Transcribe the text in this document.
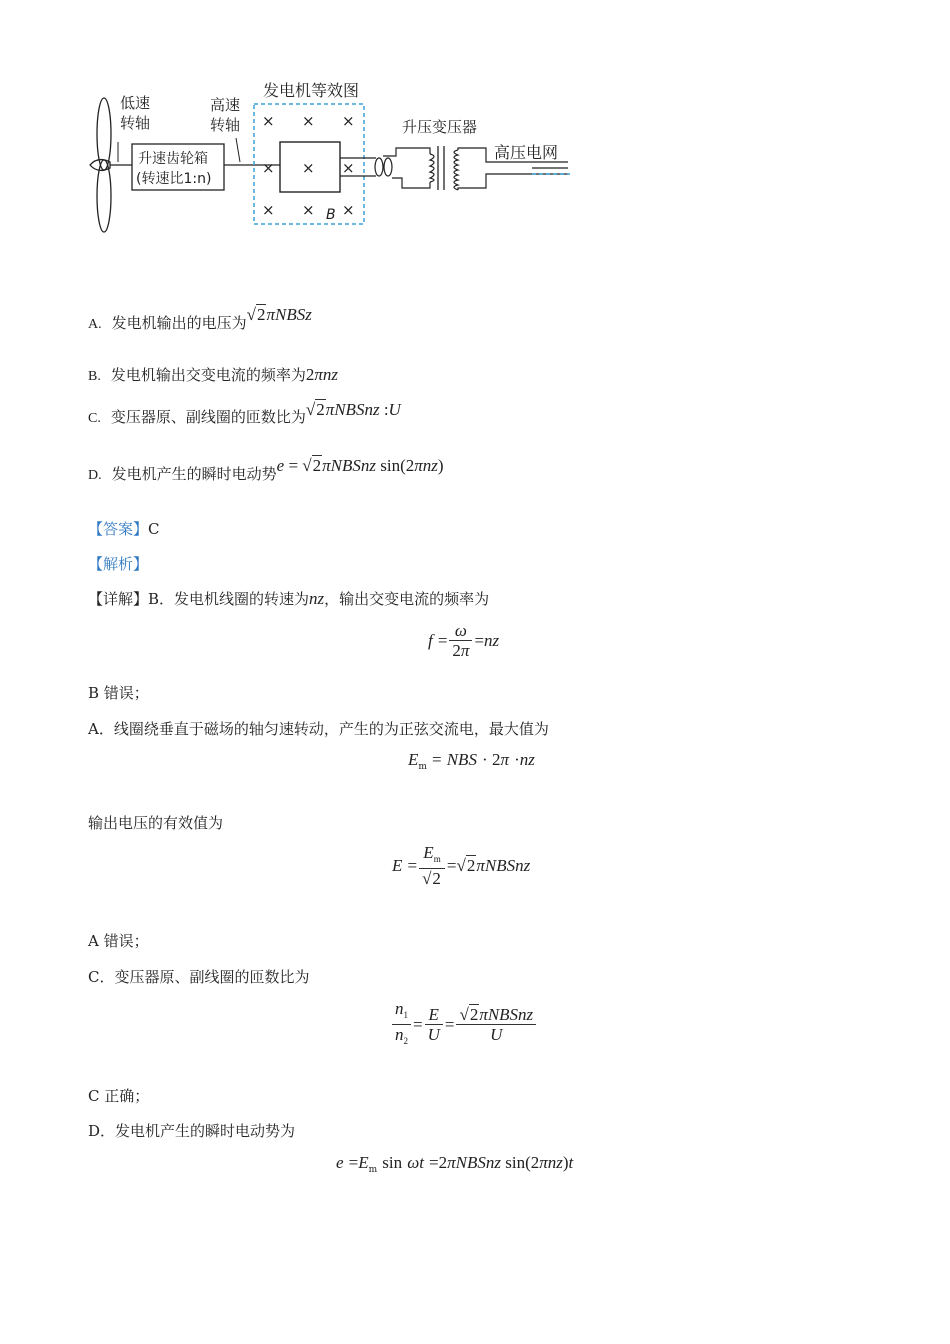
低速
转轴
升速齿轮箱
(转速比1:n)
高速
转轴
发电机等效图
× × ×
×	×
× × ×
B
×
升压变压器
高压电网
A. 发电机输出的电压为√2πNBSz
B. 发电机输出交变电流的频率为2πnz
C. 变压器原、副线圈的匝数比为√2πNBSnz :U
D. 发电机产生的瞬时电动势e = √2πNBSnz sin(2πnz)
【答案】C
【解析】
【详解】B．发电机线圈的转速为nz，输出交变电流的频率为
$f = \frac{\omega}{2\pi} =nz$
B 错误；
A．线圈绕垂直于磁场的轴匀速转动，产生的为正弦交流电，最大值为
$E_m$ = NBS · 2π ·nz
输出电压的有效值为
$E = \frac{E_m}{√2}$ =√2πNBSnz
A 错误；
C．变压器原、副线圈的匝数比为
$\frac{n_1}{n_2} = \frac{E}{U} = \frac{\text{√2πNBSnz}}{U}$
C 正确；
D．发电机产生的瞬时电动势为
$e =E_m$ sin ωt =2πNBSnz sin(2πnz)t
